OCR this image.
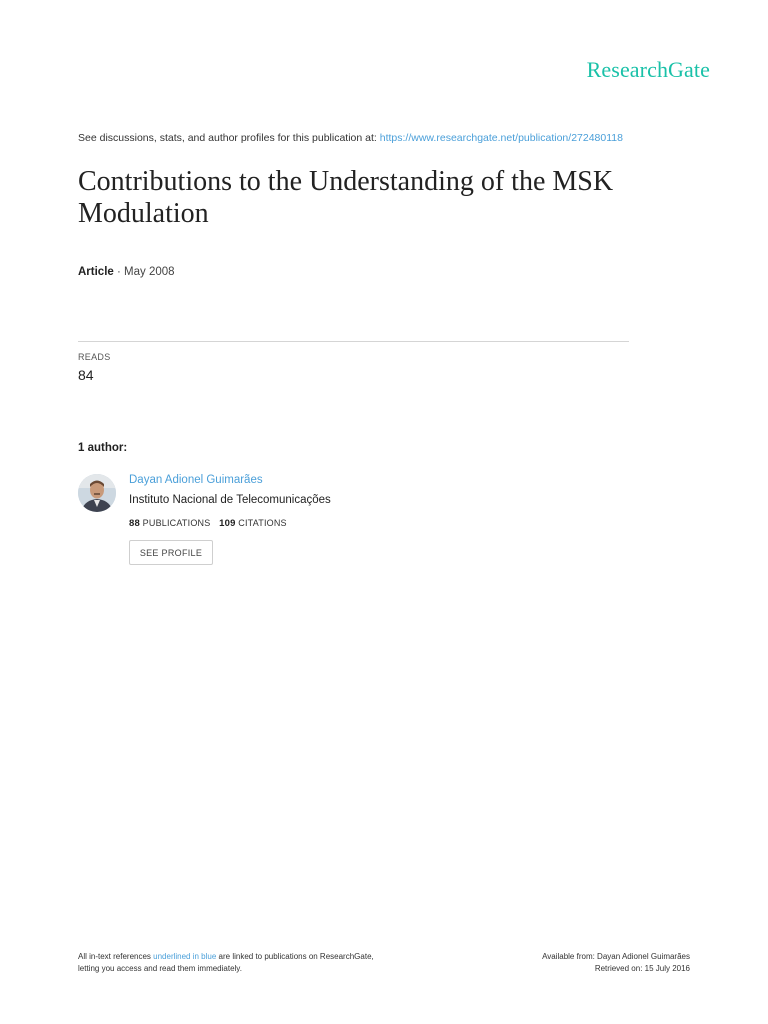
ResearchGate
See discussions, stats, and author profiles for this publication at: https://www.researchgate.net/publication/272480118
Contributions to the Understanding of the MSK Modulation
Article · May 2008
READS
84
1 author:
Dayan Adionel Guimarães
Instituto Nacional de Telecomunicações
88 PUBLICATIONS 109 CITATIONS
SEE PROFILE
All in-text references underlined in blue are linked to publications on ResearchGate,
letting you access and read them immediately.
Available from: Dayan Adionel Guimarães
Retrieved on: 15 July 2016
